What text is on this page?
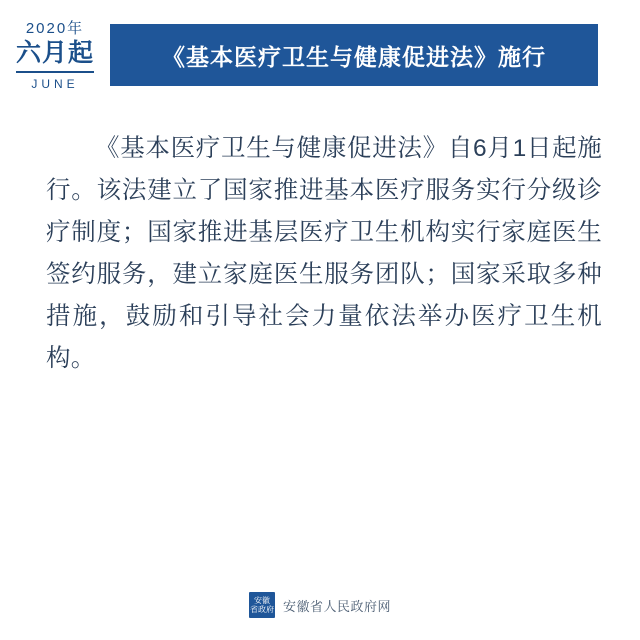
2020年
六月起
JUNE
《基本医疗卫生与健康促进法》施行

《基本医疗卫生与健康促进法》自6月1日起施行。该法建立了国家推进基本医疗服务实行分级诊疗制度；国家推进基层医疗卫生机构实行家庭医生签约服务，建立家庭医生服务团队；国家采取多种措施，鼓励和引导社会力量依法举办医疗卫生机构。

安徽
省政府 安徽省人民政府网
